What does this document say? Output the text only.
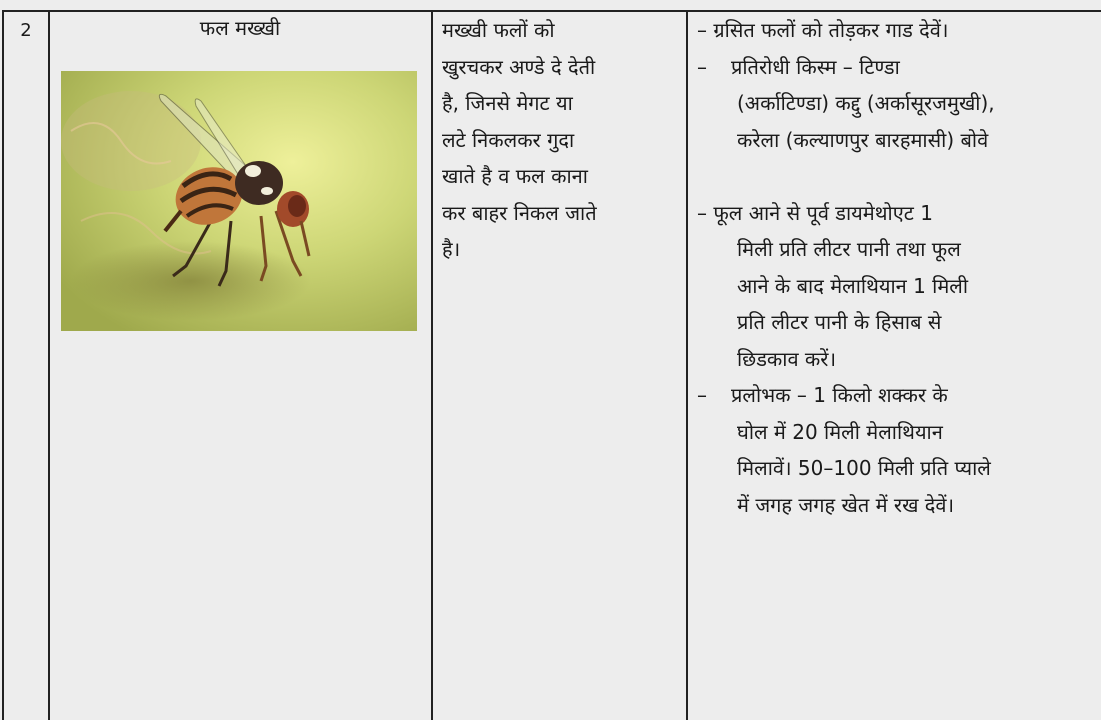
2	फल मख्खी	मख्खी फलों को
खुरचकर अण्डे दे देती
है, जिनसे मेगट या
लटे निकलकर गुदा
खाते है व फल काना
कर बाहर निकल जाते
है।
– ग्रसित फलों को तोड़कर गाड देवें।
– प्रतिरोधी किस्म – टिण्डा
(अर्काटिण्डा) कद्दु (अर्कासूरजमुखी),
करेला (कल्याणपुर बारहमासी) बोवे
– फूल आने से पूर्व डायमेथोएट 1
मिली प्रति लीटर पानी तथा फूल
आने के बाद मेलाथियान 1 मिली
प्रति लीटर पानी के हिसाब से
छिडकाव करें।
– प्रलोभक – 1 किलो शक्कर के
घोल में 20 मिली मेलाथियान
मिलावें। 50–100 मिली प्रति प्याले
में जगह जगह खेत में रख देवें।
